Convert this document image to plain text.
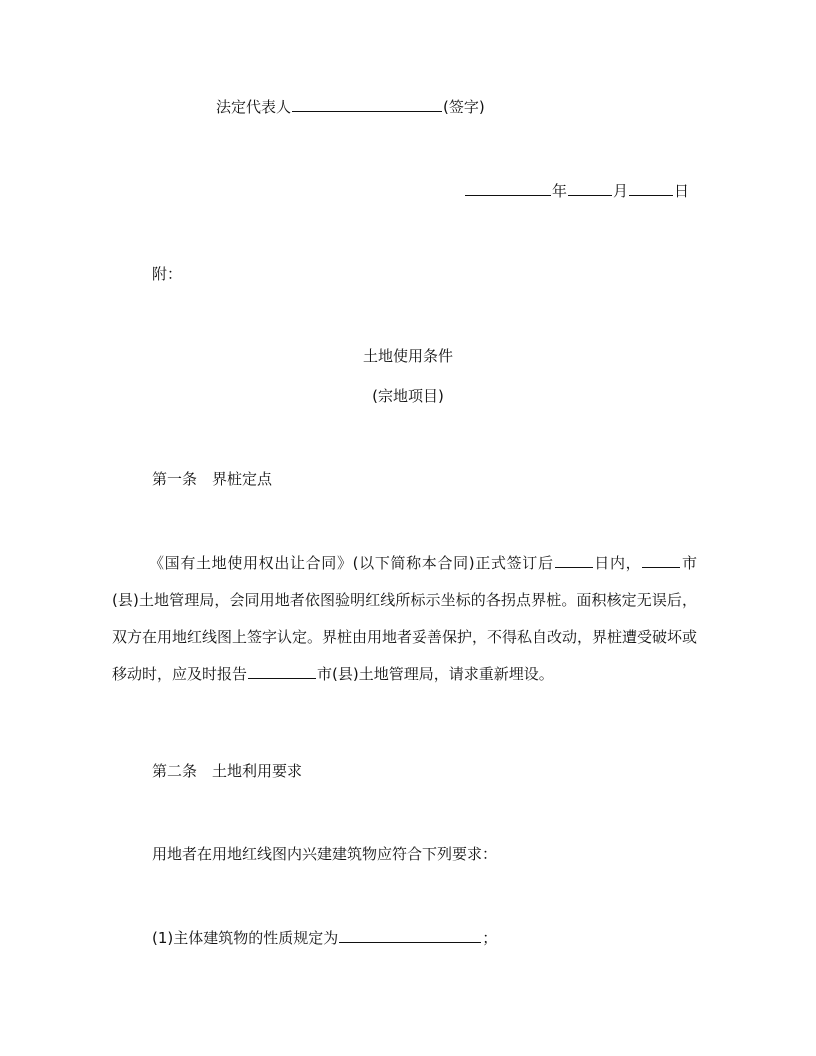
法定代表人	(签字)
年	月	日
附：
土地使用条件
(宗地项目)
第一条　界桩定点
《国有土地使用权出让合同》(以下简称本合同)正式签订后	日内，	市(县)土地管理局，会同用地者依图验明红线所标示坐标的各拐点界桩。面积核定无误后，双方在用地红线图上签字认定。界桩由用地者妥善保护，不得私自改动，界桩遭受破坏或移动时，应及时报告	市(县)土地管理局，请求重新埋设。
第二条　土地利用要求
用地者在用地红线图内兴建建筑物应符合下列要求：
(1)主体建筑物的性质规定为	；
